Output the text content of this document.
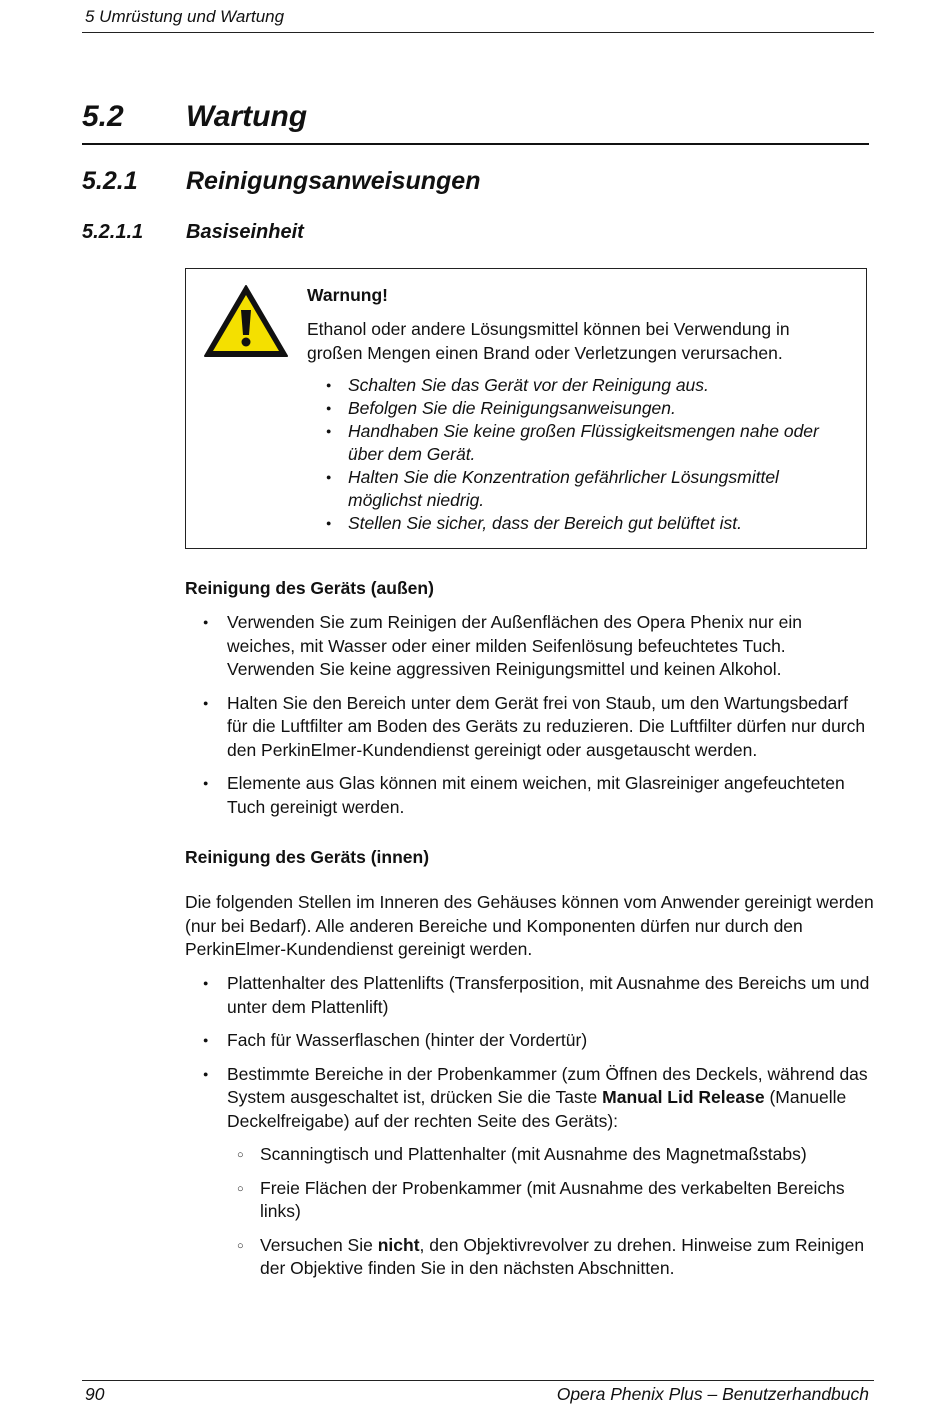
5 Umrüstung und Wartung
5.2 Wartung
5.2.1 Reinigungsanweisungen
5.2.1.1 Basiseinheit
Warnung!
Ethanol oder andere Lösungsmittel können bei Verwendung in großen Mengen einen Brand oder Verletzungen verursachen.
● Schalten Sie das Gerät vor der Reinigung aus.
● Befolgen Sie die Reinigungsanweisungen.
● Handhaben Sie keine großen Flüssigkeitsmengen nahe oder über dem Gerät.
● Halten Sie die Konzentration gefährlicher Lösungsmittel möglichst niedrig.
● Stellen Sie sicher, dass der Bereich gut belüftet ist.
Reinigung des Geräts (außen)
● Verwenden Sie zum Reinigen der Außenflächen des Opera Phenix nur ein weiches, mit Wasser oder einer milden Seifenlösung befeuchtetes Tuch. Verwenden Sie keine aggressiven Reinigungsmittel und keinen Alkohol.
● Halten Sie den Bereich unter dem Gerät frei von Staub, um den Wartungsbedarf für die Luftfilter am Boden des Geräts zu reduzieren. Die Luftfilter dürfen nur durch den PerkinElmer-Kundendienst gereinigt oder ausgetauscht werden.
● Elemente aus Glas können mit einem weichen, mit Glasreiniger angefeuchteten Tuch gereinigt werden.
Reinigung des Geräts (innen)
Die folgenden Stellen im Inneren des Gehäuses können vom Anwender gereinigt werden (nur bei Bedarf). Alle anderen Bereiche und Komponenten dürfen nur durch den PerkinElmer-Kundendienst gereinigt werden.
● Plattenhalter des Plattenlifts (Transferposition, mit Ausnahme des Bereichs um und unter dem Plattenlift)
● Fach für Wasserflaschen (hinter der Vordertür)
● Bestimmte Bereiche in der Probenkammer (zum Öffnen des Deckels, während das System ausgeschaltet ist, drücken Sie die Taste Manual Lid Release (Manuelle Deckelfreigabe) auf der rechten Seite des Geräts):
○ Scanningtisch und Plattenhalter (mit Ausnahme des Magnetmaßstabs)
○ Freie Flächen der Probenkammer (mit Ausnahme des verkabelten Bereichs links)
○ Versuchen Sie nicht, den Objektivrevolver zu drehen. Hinweise zum Reinigen der Objektive finden Sie in den nächsten Abschnitten.
90	Opera Phenix Plus – Benutzerhandbuch
